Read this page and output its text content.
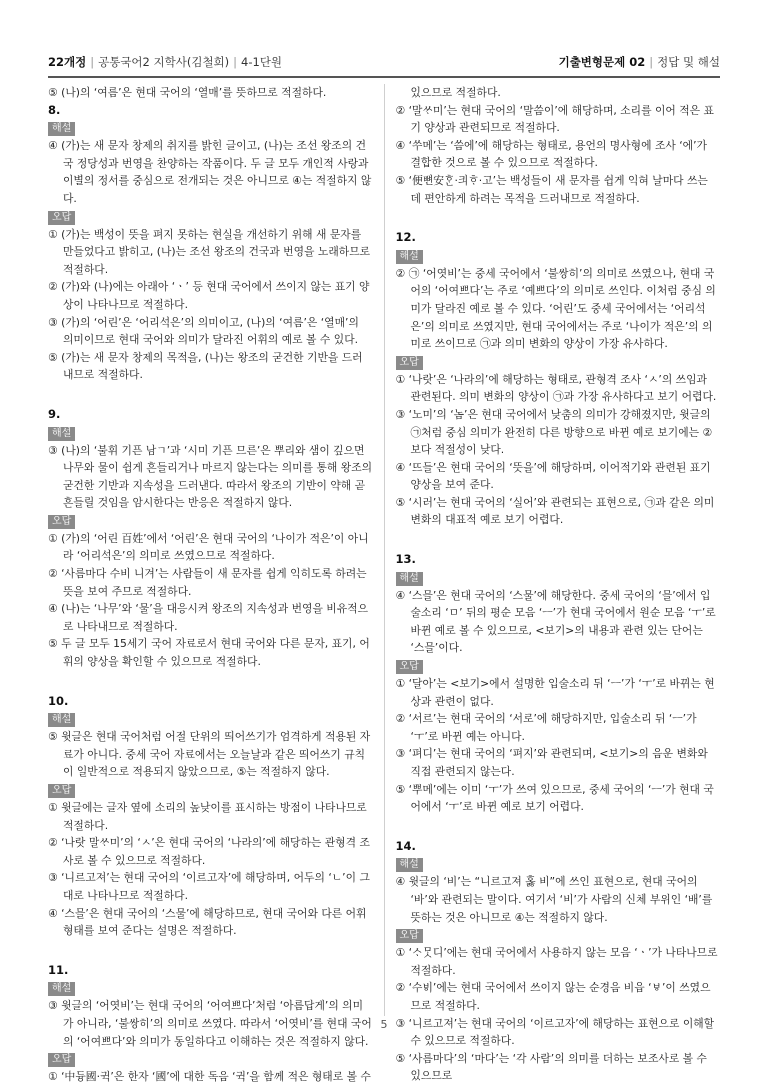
22개정 | 공통국어2 지학사(김철희) | 4-1단원	기출변형문제 02 | 정답 및 해설

⑤ (나)의 ‘여름’은 현대 국어의 ‘열매’를 뜻하므로 적절하다.

8.

해설

④ (가)는 새 문자 창제의 취지를 밝힌 글이고, (나)는 조선 왕조의 건국 정당성과 번영을 찬양하는 작품이다. 두 글 모두 개인적 사랑과 이별의 정서를 중심으로 전개되는 것은 아니므로 ④는 적절하지 않다.

오답

① (가)는 백성이 뜻을 펴지 못하는 현실을 개선하기 위해 새 문자를 만들었다고 밝히고, (나)는 조선 왕조의 건국과 번영을 노래하므로 적절하다.

② (가)와 (나)에는 아래아 ‘ㆍ’ 등 현대 국어에서 쓰이지 않는 표기 양상이 나타나므로 적절하다.

③ (가)의 ‘어린’은 ‘어리석은’의 의미이고, (나)의 ‘여름’은 ‘열매’의 의미이므로 현대 국어와 의미가 달라진 어휘의 예로 볼 수 있다.

⑤ (가)는 새 문자 창제의 목적을, (나)는 왕조의 굳건한 기반을 드러내므로 적절하다.

9.

해설

③ (나)의 ‘불휘 기픈 남ㄱ’과 ‘시미 기픈 므른’은 뿌리와 샘이 깊으면 나무와 물이 쉽게 흔들리거나 마르지 않는다는 의미를 통해 왕조의 굳건한 기반과 지속성을 드러낸다. 따라서 왕조의 기반이 약해 곧 흔들릴 것임을 암시한다는 반응은 적절하지 않다.

오답

① (가)의 ‘어린 百姓’에서 ‘어린’은 현대 국어의 ‘나이가 적은’이 아니라 ‘어리석은’의 의미로 쓰였으므로 적절하다.

② ‘사름마다 수비 니겨’는 사람들이 새 문자를 쉽게 익히도록 하려는 뜻을 보여 주므로 적절하다.

④ (나)는 ‘나무’와 ‘물’을 대응시켜 왕조의 지속성과 번영을 비유적으로 나타내므로 적절하다.

⑤ 두 글 모두 15세기 국어 자료로서 현대 국어와 다른 문자, 표기, 어휘의 양상을 확인할 수 있으므로 적절하다.

10.

해설

⑤ 윗글은 현대 국어처럼 어절 단위의 띄어쓰기가 엄격하게 적용된 자료가 아니다. 중세 국어 자료에서는 오늘날과 같은 띄어쓰기 규칙이 일반적으로 적용되지 않았으므로, ⑤는 적절하지 않다.

오답

① 윗글에는 글자 옆에 소리의 높낮이를 표시하는 방점이 나타나므로 적절하다.

② ‘나랏 말ᄊᆞ미’의 ‘ㅅ’은 현대 국어의 ‘나라의’에 해당하는 관형격 조사로 볼 수 있으므로 적절하다.

③ ‘니르고져’는 현대 국어의 ‘이르고자’에 해당하며, 어두의 ‘ㄴ’이 그대로 나타나므로 적절하다.

④ ‘스믈’은 현대 국어의 ‘스물’에 해당하므로, 현대 국어와 다른 어휘 형태를 보여 준다는 설명은 적절하다.

11.

해설

③ 윗글의 ‘어엿비’는 현대 국어의 ‘어여쁘다’처럼 ‘아름답게’의 의미가 아니라, ‘불쌍히’의 의미로 쓰였다. 따라서 ‘어엿비’를 현대 국어의 ‘어여쁘다’와 의미가 동일하다고 이해하는 것은 적절하지 않다.

오답

① ‘中듕國·귁’은 한자 ‘國’에 대한 독음 ‘귁’을 함께 적은 형태로 볼 수

있으므로 적절하다.

② ‘말ᄊᆞ미’는 현대 국어의 ‘말씀이’에 해당하며, 소리를 이어 적은 표기 양상과 관련되므로 적절하다.

④ ‘쑤메’는 ‘씀에’에 해당하는 형태로, 용언의 명사형에 조사 ‘에’가 결합한 것으로 볼 수 있으므로 적절하다.

⑤ ‘便뼌安ᄒᆞᆫ·킈ᄒᆞ·고’는 백성들이 새 문자를 쉽게 익혀 날마다 쓰는 데 편안하게 하려는 목적을 드러내므로 적절하다.

12.

해설

② ㉠ ‘어엿비’는 중세 국어에서 ‘불쌍히’의 의미로 쓰였으나, 현대 국어의 ‘어여쁘다’는 주로 ‘예쁘다’의 의미로 쓰인다. 이처럼 중심 의미가 달라진 예로 볼 수 있다. ‘어린’도 중세 국어에서는 ‘어리석은’의 의미로 쓰였지만, 현대 국어에서는 주로 ‘나이가 적은’의 의미로 쓰이므로 ㉠과 의미 변화의 양상이 가장 유사하다.

오답

① ‘나랏’은 ‘나라의’에 해당하는 형태로, 관형격 조사 ‘ㅅ’의 쓰임과 관련된다. 의미 변화의 양상이 ㉠과 가장 유사하다고 보기 어렵다.

③ ‘노미’의 ‘놈’은 현대 국어에서 낮춤의 의미가 강해졌지만, 윗글의 ㉠처럼 중심 의미가 완전히 다른 방향으로 바뀐 예로 보기에는 ②보다 적절성이 낮다.

④ ‘뜨들’은 현대 국어의 ‘뜻을’에 해당하며, 이어적기와 관련된 표기 양상을 보여 준다.

⑤ ‘시러’는 현대 국어의 ‘실어’와 관련되는 표현으로, ㉠과 같은 의미 변화의 대표적 예로 보기 어렵다.

13.

해설

④ ‘스믈’은 현대 국어의 ‘스물’에 해당한다. 중세 국어의 ‘믈’에서 입술소리 ‘ㅁ’ 뒤의 평순 모음 ‘ㅡ’가 현대 국어에서 원순 모음 ‘ㅜ’로 바뀐 예로 볼 수 있으므로, <보기>의 내용과 관련 있는 단어는 ‘스믈’이다.

오답

① ‘달아’는 <보기>에서 설명한 입술소리 뒤 ‘ㅡ’가 ‘ㅜ’로 바뀌는 현상과 관련이 없다.

② ‘서르’는 현대 국어의 ‘서로’에 해당하지만, 입술소리 뒤 ‘ㅡ’가 ‘ㅜ’로 바뀐 예는 아니다.

③ ‘펴디’는 현대 국어의 ‘펴지’와 관련되며, <보기>의 음운 변화와 직접 관련되지 않는다.

⑤ ‘뿌메’에는 이미 ‘ㅜ’가 쓰여 있으므로, 중세 국어의 ‘ㅡ’가 현대 국어에서 ‘ㅜ’로 바뀐 예로 보기 어렵다.

14.

해설

④ 윗글의 ‘비’는 “니르고져 홇 비”에 쓰인 표현으로, 현대 국어의 ‘바’와 관련되는 말이다. 여기서 ‘비’가 사람의 신체 부위인 ‘배’를 뜻하는 것은 아니므로 ④는 적절하지 않다.

오답

① ‘ᄉᆞᄆᆞᆺ디’에는 현대 국어에서 사용하지 않는 모음 ‘ㆍ’가 나타나므로 적절하다.

② ‘수ᄫᅵ’에는 현대 국어에서 쓰이지 않는 순경음 비읍 ‘ㅸ’이 쓰였으므로 적절하다.

③ ‘니르고져’는 현대 국어의 ‘이르고자’에 해당하는 표현으로 이해할 수 있으므로 적절하다.

⑤ ‘사름마다’의 ‘마다’는 ‘각 사람’의 의미를 더하는 보조사로 볼 수 있으므로

5
